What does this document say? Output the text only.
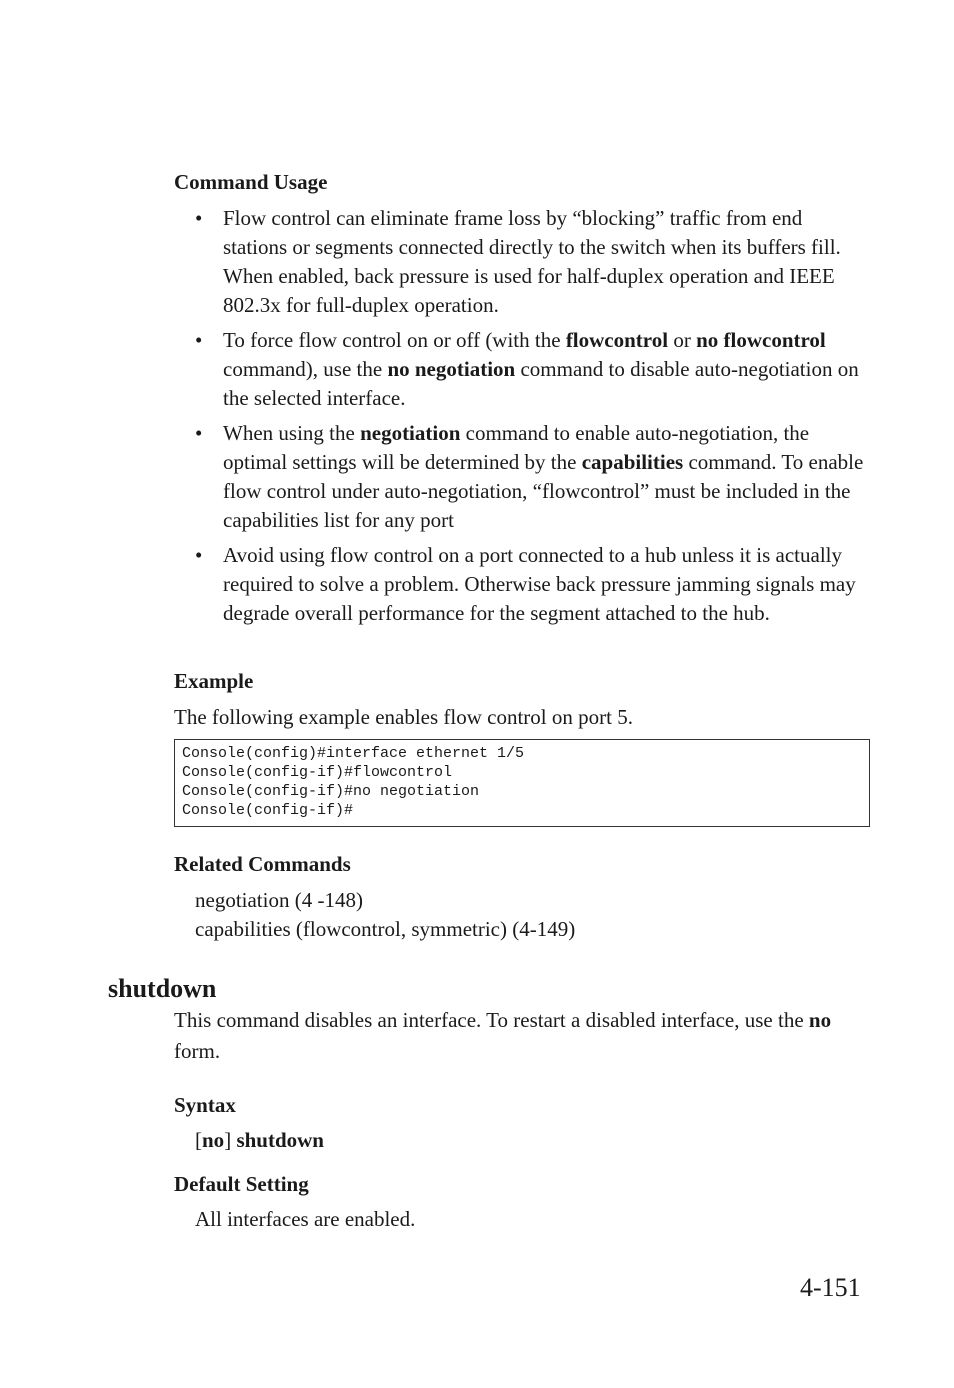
Command Usage
• Flow control can eliminate frame loss by “blocking” traffic from end stations or segments connected directly to the switch when its buffers fill. When enabled, back pressure is used for half-duplex operation and IEEE 802.3x for full-duplex operation.
• To force flow control on or off (with the flowcontrol or no flowcontrol command), use the no negotiation command to disable auto-negotiation on the selected interface.
• When using the negotiation command to enable auto-negotiation, the optimal settings will be determined by the capabilities command. To enable flow control under auto-negotiation, “flowcontrol” must be included in the capabilities list for any port
• Avoid using flow control on a port connected to a hub unless it is actually required to solve a problem. Otherwise back pressure jamming signals may degrade overall performance for the segment attached to the hub.
Example
The following example enables flow control on port 5.
Console(config)#interface ethernet 1/5
Console(config-if)#flowcontrol
Console(config-if)#no negotiation
Console(config-if)#
Related Commands
negotiation (4 -148)
capabilities (flowcontrol, symmetric) (4-149)
shutdown
This command disables an interface. To restart a disabled interface, use the no form.
Syntax
[no] shutdown
Default Setting
All interfaces are enabled.
4-151
